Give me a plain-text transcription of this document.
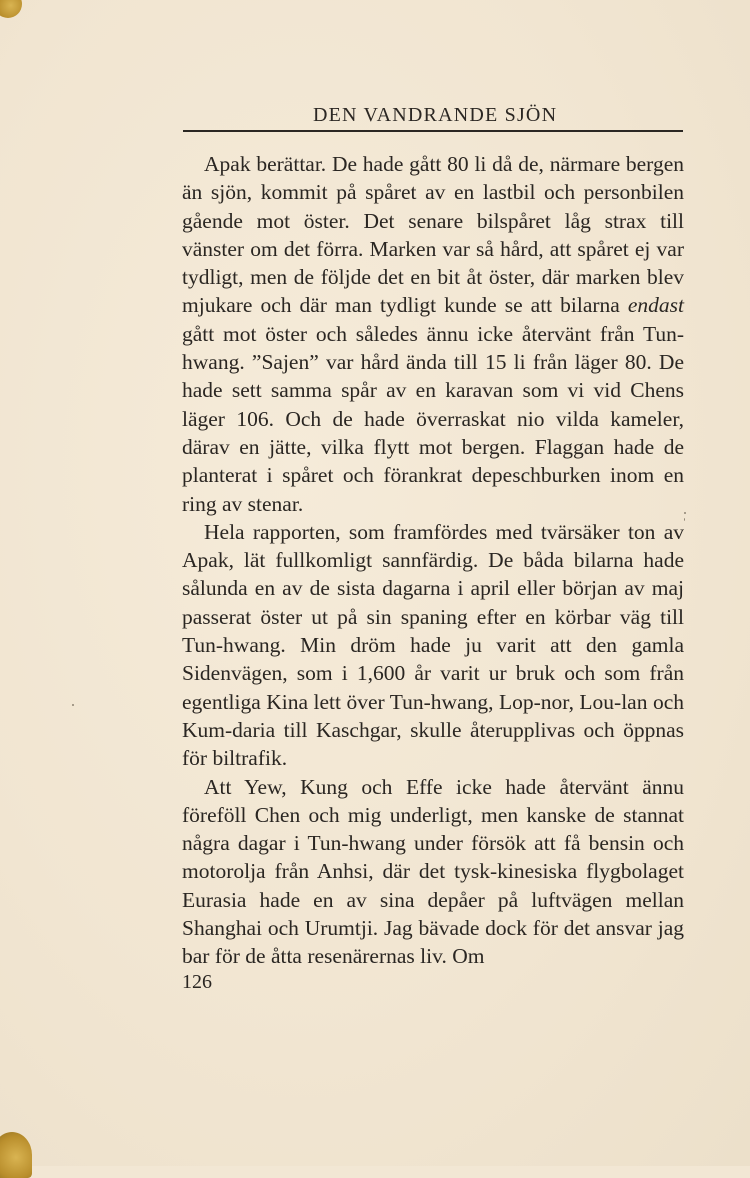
DEN VANDRANDE SJÖN

Apak berättar. De hade gått 80 li då de, närmare bergen än sjön, kommit på spåret av en lastbil och personbilen gående mot öster. Det senare bilspåret låg strax till vänster om det förra. Marken var så hård, att spåret ej var tydligt, men de följde det en bit åt öster, där marken blev mjukare och där man tydligt kunde se att bilarna endast gått mot öster och således ännu icke återvänt från Tun-hwang. ”Sajen” var hård ända till 15 li från läger 80. De hade sett samma spår av en karavan som vi vid Chens läger 106. Och de hade överraskat nio vilda kameler, därav en jätte, vilka flytt mot bergen. Flaggan hade de planterat i spåret och förankrat depeschburken inom en ring av stenar.

Hela rapporten, som framfördes med tvärsäker ton av Apak, lät fullkomligt sannfärdig. De båda bilarna hade sålunda en av de sista dagarna i april eller början av maj passerat öster ut på sin spaning efter en körbar väg till Tun-hwang. Min dröm hade ju varit att den gamla Sidenvägen, som i 1,600 år varit ur bruk och som från egentliga Kina lett över Tun-hwang, Lop-nor, Lou-lan och Kum-daria till Kaschgar, skulle återupplivas och öppnas för biltrafik.

Att Yew, Kung och Effe icke hade återvänt ännu föreföll Chen och mig underligt, men kanske de stannat några dagar i Tun-hwang under försök att få bensin och motorolja från Anhsi, där det tysk-kinesiska flygbolaget Eurasia hade en av sina depåer på luftvägen mellan Shanghai och Urumtji. Jag bävade dock för det ansvar jag bar för de åtta resenärernas liv. Om

126
